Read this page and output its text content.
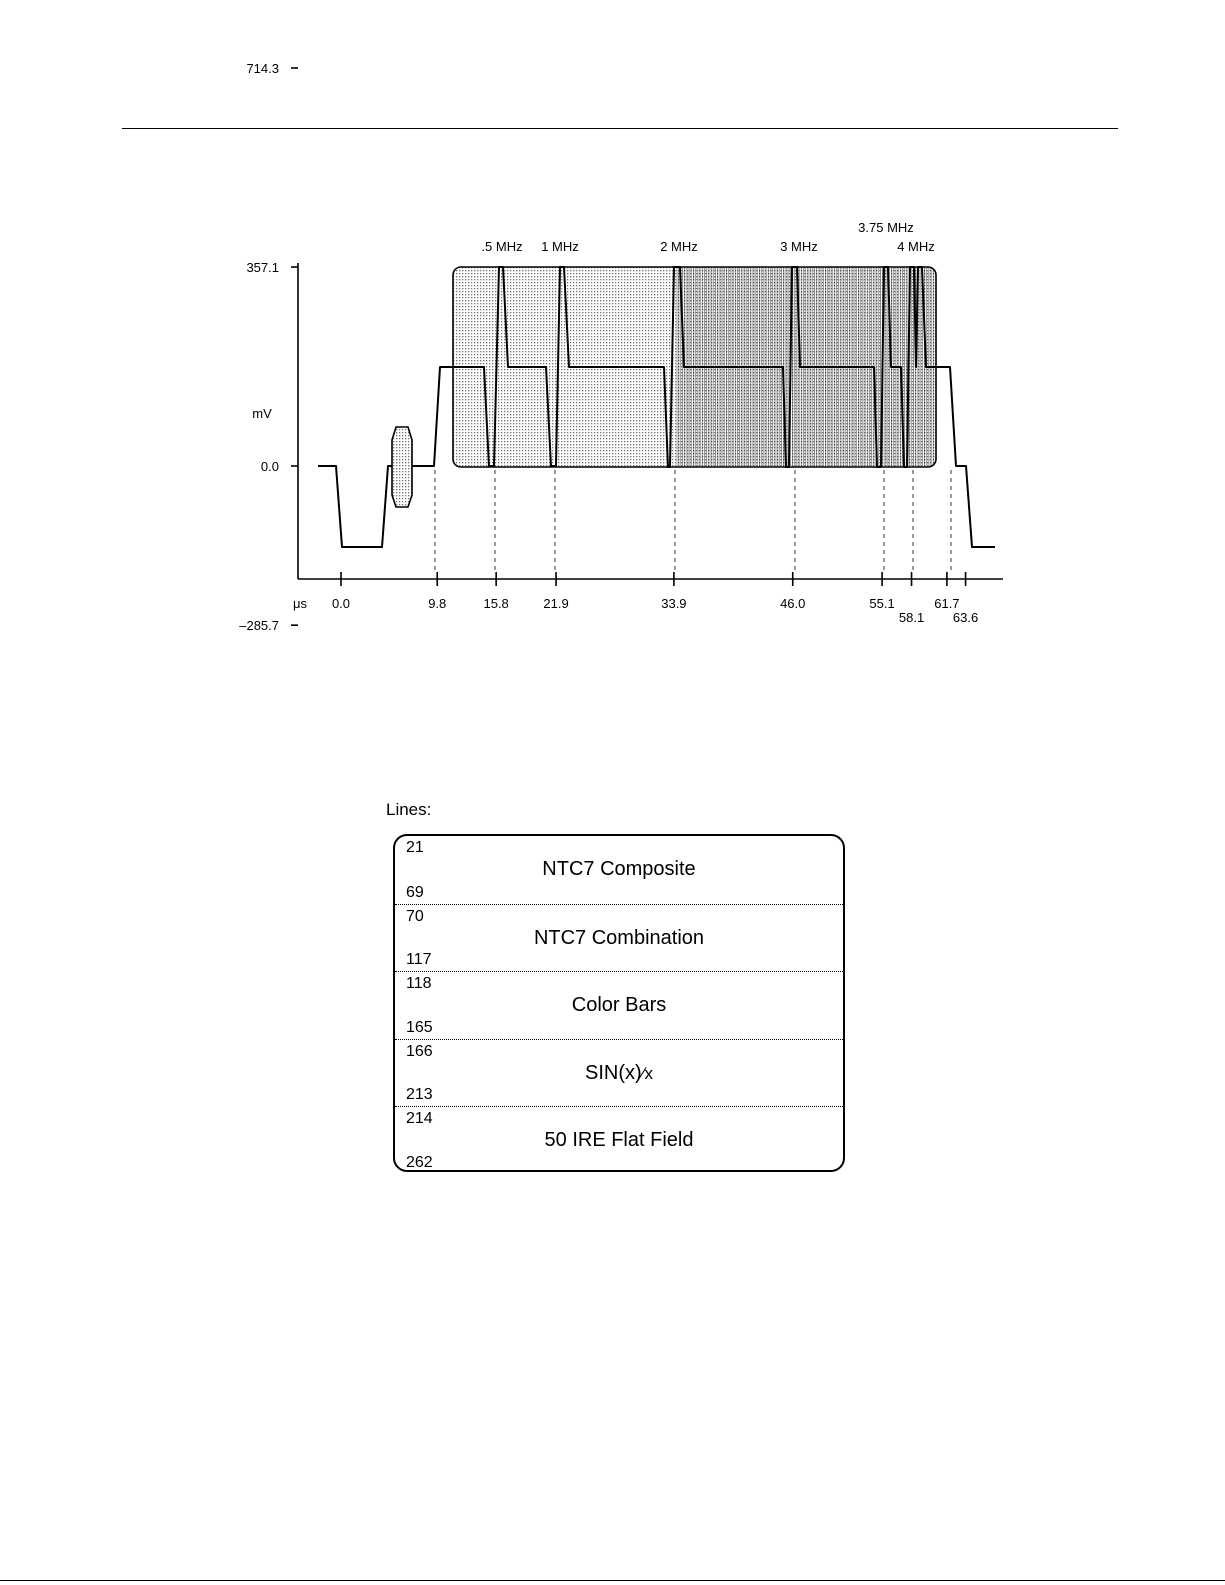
714.3
357.1
0.0
–285.7
mV
0.0	9.8	15.8	21.9	33.9	46.0	55.1
58.1
61.7
63.6
μs
.5 MHz 1 MHz	2 MHz	3 MHz
3.75 MHz
4 MHz
Lines:
21
NTC7 Composite
69
70
NTC7 Combination
117
118
Color Bars
165
166
SIN(x)⁄x
213
214
50 IRE Flat Field
262
